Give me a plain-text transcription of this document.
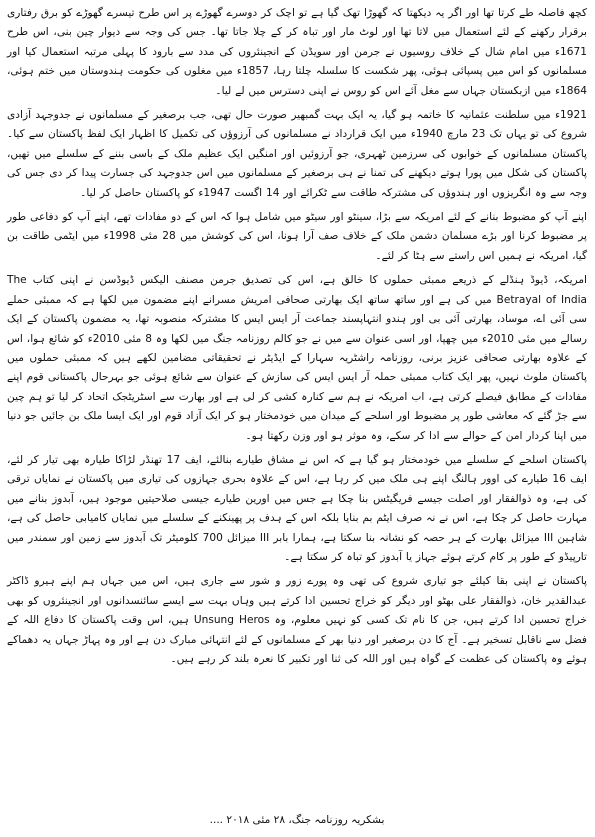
کچھ فاصلہ طے کرتا تھا اور اگر یہ دیکھتا کہ گھوڑا تھک گیا ہے تو اچک کر دوسرے گھوڑے پر اس طرح تیسرے گھوڑے کو برق رفتاری برقرار رکھنے کے لئے استعمال میں لاتا تھا اور لوٹ مار اور تباہ کر کے چلا جاتا تھا۔ جس کی وجہ سے دیوار چین بنی، اس طرح 1671ء میں امام شال کے خلاف روسیوں نے جرمن اور سویڈن کے انجینئروں کی مدد سے بارود کا پہلی مرتبہ استعمال کیا اور مسلمانوں کو اس میں پسپائی ہوئی، پھر شکست کا سلسلہ چلتا رہا، 1857ء میں مغلوں کی حکومت ہندوستان میں ختم ہوئی، 1864ء میں ازبکستان جہاں سے مغل آئے اس کو روس نے اپنی دسترس میں لے لیا۔

1921ء میں سلطنت عثمانیہ کا خاتمہ ہو گیا، یہ ایک بہت گمبھیر صورت حال تھی، جب برصغیر کے مسلمانوں نے جدوجہد آزادی شروع کی تو یہاں تک 23 مارچ 1940ء میں ایک قرارداد نے مسلمانوں کی آرزوؤں کی تکمیل کا اظہار ایک لفظ پاکستان سے کیا۔ پاکستان مسلمانوں کے خوابوں کی سرزمین ٹھہری، جو آرزوئیں اور امنگیں ایک عظیم ملک کے باسی بننے کے سلسلے میں تھیں، پاکستان کی شکل میں پورا ہوتے دیکھنے کی تمنا نے ہی برصغیر کے مسلمانوں میں اس جدوجہد کی جسارت پیدا کر دی جس کی وجہ سے وہ انگریزوں اور ہندوؤں کی مشترکہ طاقت سے ٹکرائے اور 14 اگست 1947ء کو پاکستان حاصل کر لیا۔

اپنے آپ کو مضبوط بنانے کے لئے امریکہ سے بڑا، سینٹو اور سیٹو میں شامل ہوا کہ اس کے دو مفادات تھے، اپنے آپ کو دفاعی طور پر مضبوط کرنا اور بڑے مسلمان دشمن ملک کے خلاف صف آرا ہونا، اس کی کوشش میں 28 مئی 1998ء میں ایٹمی طاقت بن گیا، امریکہ نے ہمیں اس راستے سے ہٹا کر لئے۔

امریکہ، ڈیوڈ ہنڈلے کے ذریعے ممبئی حملوں کا خالق ہے، اس کی تصدیق جرمن مصنف الیکس ڈیوڈسن نے اپنی کتاب The Betrayal of India میں کی ہے اور ساتھ ساتھ ایک بھارتی صحافی امریش مسرانے اپنے مضمون میں لکھا ہے کہ ممبئی حملے سی آئی اے، موساد، بھارتی آئی بی اور ہندو انتہاپسند جماعت آر ایس ایس کا مشترکہ منصوبہ تھا، یہ مضمون پاکستان کے ایک رسالے میں مئی 2010ء میں چھپا، اور اسی عنوان سے میں نے جو کالم روزنامہ جنگ میں لکھا وہ 8 مئی 2010ء کو شائع ہوا، اس کے علاوہ بھارتی صحافی عزیز برنی، روزنامہ راشٹریہ سہارا کے ایڈیٹر نے تحقیقاتی مضامین لکھے ہیں کہ ممبئی حملوں میں پاکستان ملوث نہیں، پھر ایک کتاب ممبئی حملہ آر ایس ایس کی سازش کے عنوان سے شائع ہوئی جو بہرحال پاکستانی قوم اپنے مفادات کے مطابق فیصلے کرتی ہے، اب امریکہ نے ہم سے کنارہ کشی کر لی ہے اور بھارت سے اسٹریٹجک اتحاد کر لیا تو ہم چین سے جڑ گئے کہ معاشی طور پر مضبوط اور اسلحے کے میدان میں خودمختار ہو کر ایک آزاد قوم اور ایک ایسا ملک بن جائیں جو دنیا میں اپنا کردار امن کے حوالے سے ادا کر سکے، وہ موثر ہو اور وزن رکھتا ہو۔

پاکستان اسلحے کے سلسلے میں خودمختار ہو گیا ہے کہ اس نے مشاق طیارے بنالئے، ایف 17 تھنڈر لڑاکا طیارہ بھی تیار کر لئے، ایف 16 طیارے کی اوور ہالنگ اپنے ہی ملک میں کر رہا ہے، اس کے علاوہ بحری جہازوں کی تیاری میں پاکستان نے نمایاں ترقی کی ہے، وہ ذوالفقار اور اصلت جیسے فریگیٹس بنا چکا ہے جس میں اورین طیارے جیسی صلاحیتیں موجود ہیں، آبدوز بنانے میں مہارت حاصل کر چکا ہے، اس نے نہ صرف ایٹم بم بنایا بلکہ اس کے ہدف پر پھینکنے کے سلسلے میں نمایاں کامیابی حاصل کی ہے، شاہین III میزائل بھارت کے ہر حصہ کو نشانہ بنا سکتا ہے، ہمارا بابر III میزائل 700 کلومیٹر تک آبدوز سے زمین اور سمندر میں تارپیڈو کے طور پر کام کرتے ہوئے جہاز یا آبدوز کو تباہ کر سکتا ہے۔

پاکستان نے اپنی بقا کیلئے جو تیاری شروع کی تھی وہ پورے زور و شور سے جاری ہیں، اس میں جہاں ہم اپنے ہیرو ڈاکٹر عبدالقدیر خان، ذوالفقار علی بھٹو اور دیگر کو خراج تحسین ادا کرتے ہیں وہاں بہت سے ایسے سائنسدانوں اور انجینئروں کو بھی خراج تحسین ادا کرتے ہیں، جن کا نام تک کسی کو نہیں معلوم، وہ Unsung Heros ہیں، اس وقت پاکستان کا دفاع اللہ کے فضل سے ناقابل تسخیر ہے۔ آج کا دن برصغیر اور دنیا بھر کے مسلمانوں کے لئے انتہائی مبارک دن ہے اور وہ پہاڑ جہاں یہ دھماکے ہوئے وہ پاکستان کی عظمت کے گواہ ہیں اور اللہ کی ثنا اور تکبیر کا نعرہ بلند کر رہے ہیں۔

بشکریہ روزنامہ جنگ، ۲۸ مئی ۲۰۱۸ ....
